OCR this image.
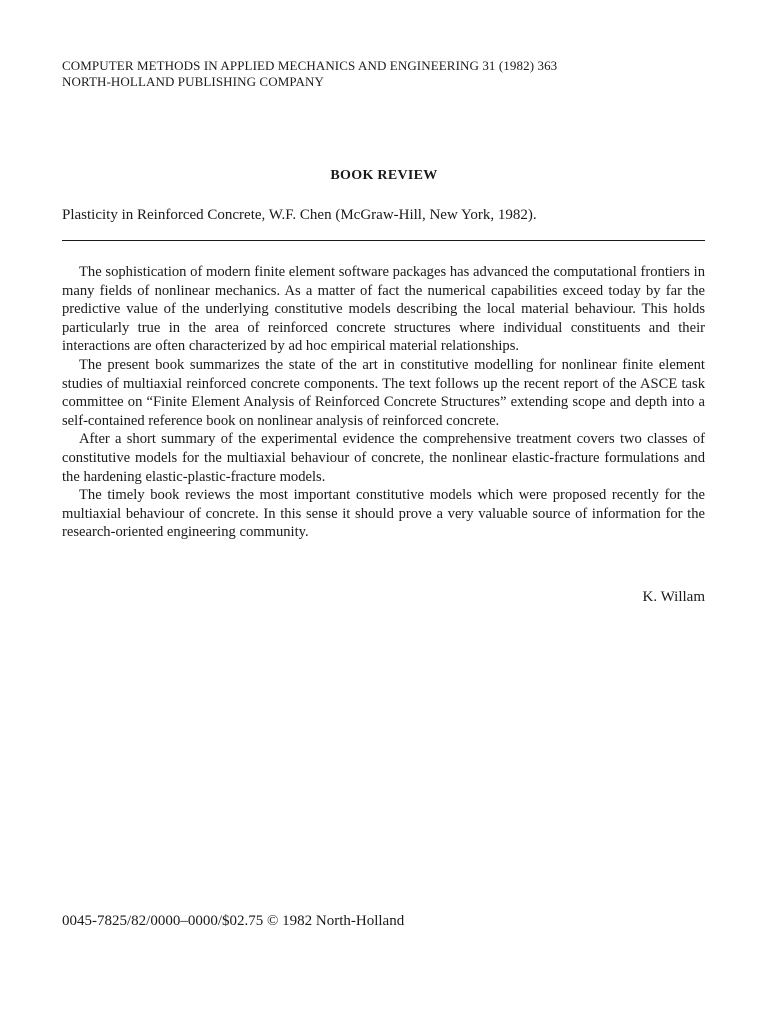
COMPUTER METHODS IN APPLIED MECHANICS AND ENGINEERING 31 (1982) 363
NORTH-HOLLAND PUBLISHING COMPANY
BOOK REVIEW
Plasticity in Reinforced Concrete, W.F. Chen (McGraw-Hill, New York, 1982).

The sophistication of modern finite element software packages has advanced the computational frontiers in many fields of nonlinear mechanics. As a matter of fact the numerical capabilities exceed today by far the predictive value of the underlying constitutive models describing the local material behaviour. This holds particularly true in the area of reinforced concrete structures where individual constituents and their interactions are often characterized by ad hoc empirical material relationships.

The present book summarizes the state of the art in constitutive modelling for nonlinear finite element studies of multiaxial reinforced concrete components. The text follows up the recent report of the ASCE task committee on “Finite Element Analysis of Reinforced Concrete Structures” extending scope and depth into a self-contained reference book on nonlinear analysis of reinforced concrete.

After a short summary of the experimental evidence the comprehensive treatment covers two classes of constitutive models for the multiaxial behaviour of concrete, the nonlinear elastic-fracture formulations and the hardening elastic-plastic-fracture models.

The timely book reviews the most important constitutive models which were proposed recently for the multiaxial behaviour of concrete. In this sense it should prove a very valuable source of information for the research-oriented engineering community.

K. Willam
0045-7825/82/0000–0000/$02.75 © 1982 North-Holland
